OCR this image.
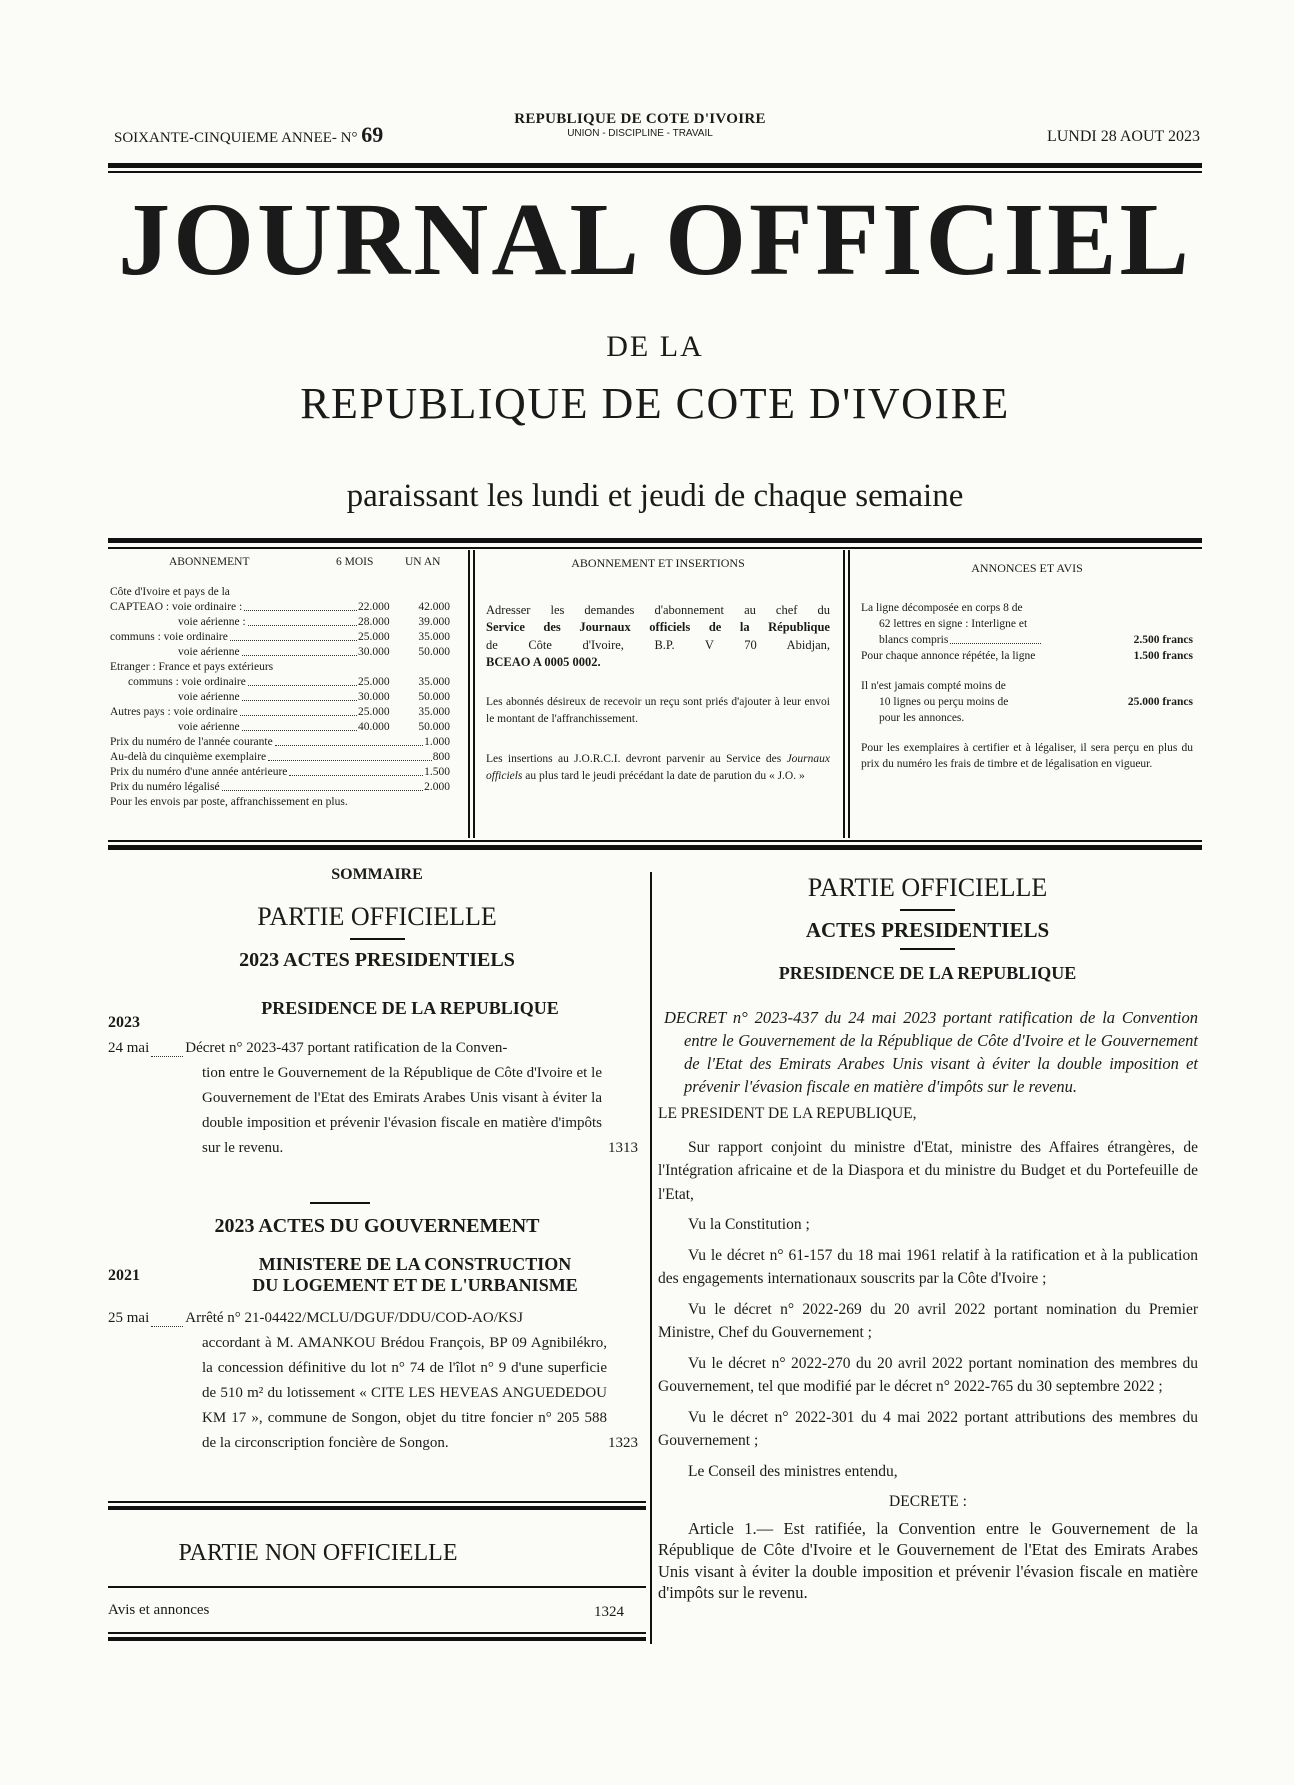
SOIXANTE-CINQUIEME ANNEE- N° 69
REPUBLIQUE DE COTE D'IVOIRE
UNION - DISCIPLINE - TRAVAIL	LUNDI 28 AOUT 2023
JOURNAL OFFICIEL
DE LA
REPUBLIQUE DE COTE D'IVOIRE
paraissant les lundi et jeudi de chaque semaine
ABONNEMENT	6 MOIS	UN AN
Côte d'Ivoire et pays de la
CAPTEAO : voie ordinaire :	22.000	42.000
voie aérienne :	28.000	39.000
communs : voie ordinaire	25.000	35.000
voie aérienne	30.000	50.000
Etranger : France et pays extérieurs
communs : voie ordinaire	25.000	35.000
voie aérienne	30.000	50.000
Autres pays : voie ordinaire	25.000	35.000
voie aérienne	40.000	50.000
Prix du numéro de l'année courante	1.000
Au-delà du cinquième exemplaire	800
Prix du numéro d'une année antérieure	1.500
Prix du numéro légalisé	2.000
Pour les envois par poste, affranchissement en plus.
ABONNEMENT ET INSERTIONS

Adresser les demandes d'abonnement au chef du

Service des Journaux officiels de la République

de Côte d'Ivoire, B.P. V 70 Abidjan,

BCEAO A 0005 0002.

Les abonnés désireux de recevoir un reçu sont priés d'ajouter à leur envoi le montant de l'affranchissement.

Les insertions au J.O.R.C.I. devront parvenir au Service des Journaux officiels au plus tard le jeudi précédant la date de parution du « J.O. »

ANNONCES ET AVIS
La ligne décomposée en corps 8 de
62 lettres en signe : Interligne et
blancs compris	2.500 francs
Pour chaque annonce répétée, la ligne	1.500 francs
Il n'est jamais compté moins de
10 lignes ou perçu moins de	25.000 francs
pour les annonces.

Pour les exemplaires à certifier et à légaliser, il sera perçu en plus du prix du numéro les frais de timbre et de légalisation en vigueur.

SOMMAIRE
PARTIE OFFICIELLE
2023 ACTES PRESIDENTIELS
2023
PRESIDENCE DE LA REPUBLIQUE
24 mai Décret n° 2023-437 portant ratification de la Conven-

tion entre le Gouvernement de la République de Côte d'Ivoire et le Gouvernement de l'Etat des Emirats Arabes Unis visant à éviter la double imposition et prévenir l'évasion fiscale en matière d'impôts sur le revenu.	1313
2023 ACTES DU GOUVERNEMENT
2021
MINISTERE DE LA CONSTRUCTION
DU LOGEMENT ET DE L'URBANISME
25 mai Arrêté n° 21-04422/MCLU/DGUF/DDU/COD-AO/KSJ

accordant à M. AMANKOU Brédou François, BP 09 Agnibilékro, la concession définitive du lot n° 74 de l'îlot n° 9 d'une superficie de 510 m² du lotissement « CITE LES HEVEAS ANGUEDEDOU KM 17 », commune de Songon, objet du titre foncier n° 205 588 de la circonscription foncière de Songon.	1323
PARTIE NON OFFICIELLE
Avis et annonces	1324
PARTIE OFFICIELLE
ACTES PRESIDENTIELS
PRESIDENCE DE LA REPUBLIQUE

DECRET n° 2023-437 du 24 mai 2023 portant ratification de la Convention entre le Gouvernement de la République de Côte d'Ivoire et le Gouvernement de l'Etat des Emirats Arabes Unis visant à éviter la double imposition et prévenir l'évasion fiscale en matière d'impôts sur le revenu.

LE PRESIDENT DE LA REPUBLIQUE,

Sur rapport conjoint du ministre d'Etat, ministre des Affaires étrangères, de l'Intégration africaine et de la Diaspora et du ministre du Budget et du Portefeuille de l'Etat,

Vu la Constitution ;

Vu le décret n° 61-157 du 18 mai 1961 relatif à la ratification et à la publication des engagements internationaux souscrits par la Côte d'Ivoire ;

Vu le décret n° 2022-269 du 20 avril 2022 portant nomination du Premier Ministre, Chef du Gouvernement ;

Vu le décret n° 2022-270 du 20 avril 2022 portant nomination des membres du Gouvernement, tel que modifié par le décret n° 2022-765 du 30 septembre 2022 ;

Vu le décret n° 2022-301 du 4 mai 2022 portant attributions des membres du Gouvernement ;

Le Conseil des ministres entendu,

DECRETE :

Article 1.— Est ratifiée, la Convention entre le Gouvernement de la République de Côte d'Ivoire et le Gouvernement de l'Etat des Emirats Arabes Unis visant à éviter la double imposition et prévenir l'évasion fiscale en matière d'impôts sur le revenu.
